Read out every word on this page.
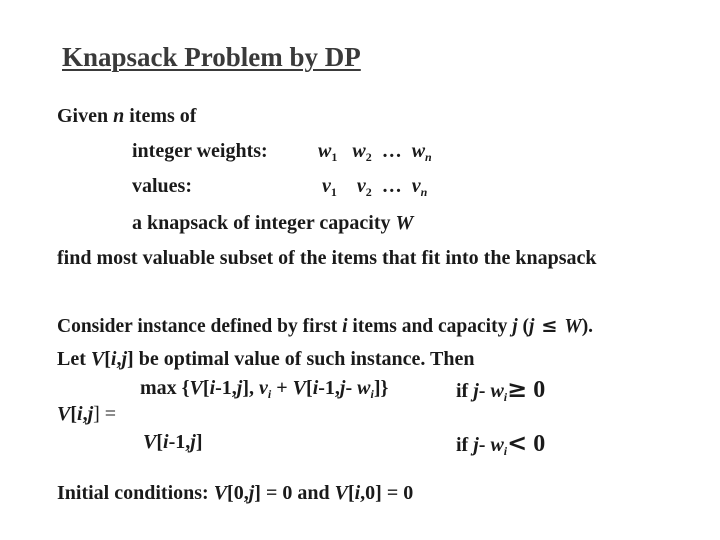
Knapsack Problem by DP
Given n items of
integer weights:	$w_1$ $w_2$ … $w_n$
values:	$v_1$ $v_2$ … $v_n$
a knapsack of integer capacity W
find most valuable subset of the items that fit into the knapsack
Consider instance defined by first i items and capacity j (j ≤ W).
Let V[i,j] be optimal value of such instance. Then
max {V[i-1,j], $v_i + V[i-1,j-$ $w_i$]}	if j- $w_i\ge 0$
V[i,j] =
V[i-1,j]	if j- $w_i< 0$
Initial conditions: V[0,j] = 0 and V[i,0] = 0
